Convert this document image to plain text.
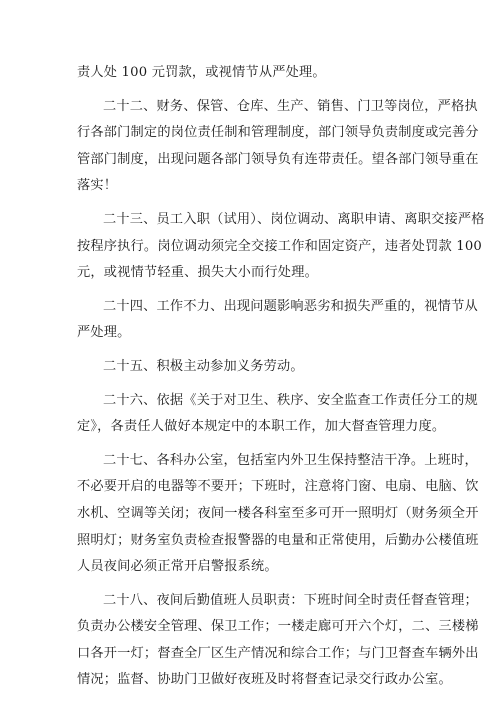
责人处 100 元罚款，或视情节从严处理。
二十二、财务、保管、仓库、生产、销售、门卫等岗位，严格执
行各部门制定的岗位责任制和管理制度，部门领导负责制度或完善分
管部门制度，出现问题各部门领导负有连带责任。望各部门领导重在
落实！
二十三、员工入职（试用）、岗位调动、离职申请、离职交接严格
按程序执行。岗位调动须完全交接工作和固定资产，违者处罚款 100
元，或视情节轻重、损失大小而行处理。
二十四、工作不力、出现问题影响恶劣和损失严重的，视情节从
严处理。
二十五、积极主动参加义务劳动。
二十六、依据《关于对卫生、秩序、安全监查工作责任分工的规
定》，各责任人做好本规定中的本职工作，加大督查管理力度。
二十七、各科办公室，包括室内外卫生保持整洁干净。上班时，
不必要开启的电器等不要开；下班时，注意将门窗、电扇、电脑、饮
水机、空调等关闭；夜间一楼各科室至多可开一照明灯（财务须全开
照明灯；财务室负责检查报警器的电量和正常使用，后勤办公楼值班
人员夜间必须正常开启警报系统。
二十八、夜间后勤值班人员职责：下班时间全时责任督查管理；
负责办公楼安全管理、保卫工作；一楼走廊可开六个灯，二、三楼梯
口各开一灯；督查全厂区生产情况和综合工作；与门卫督查车辆外出
情况；监督、协助门卫做好夜班及时将督查记录交行政办公室。
